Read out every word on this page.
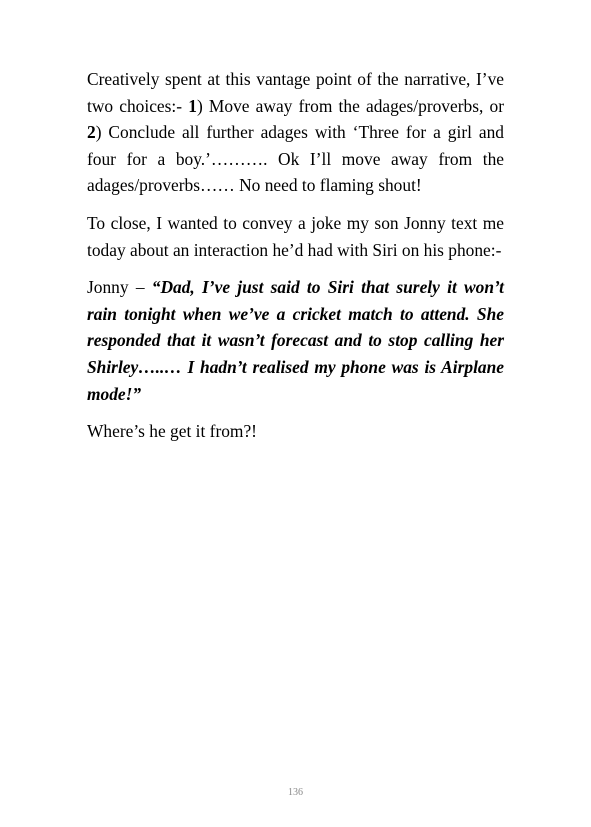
Creatively spent at this vantage point of the narrative, I’ve two choices:- 1) Move away from the adages/proverbs, or 2) Conclude all further adages with ‘Three for a girl and four for a boy.’………. Ok I’ll move away from the adages/proverbs…… No need to flaming shout!

To close, I wanted to convey a joke my son Jonny text me today about an interaction he’d had with Siri on his phone:-

Jonny – “Dad, I’ve just said to Siri that surely it won’t rain tonight when we’ve a cricket match to attend. She responded that it wasn’t forecast and to stop calling her Shirley…..… I hadn’t realised my phone was is Airplane mode!”

Where’s he get it from?!

136
